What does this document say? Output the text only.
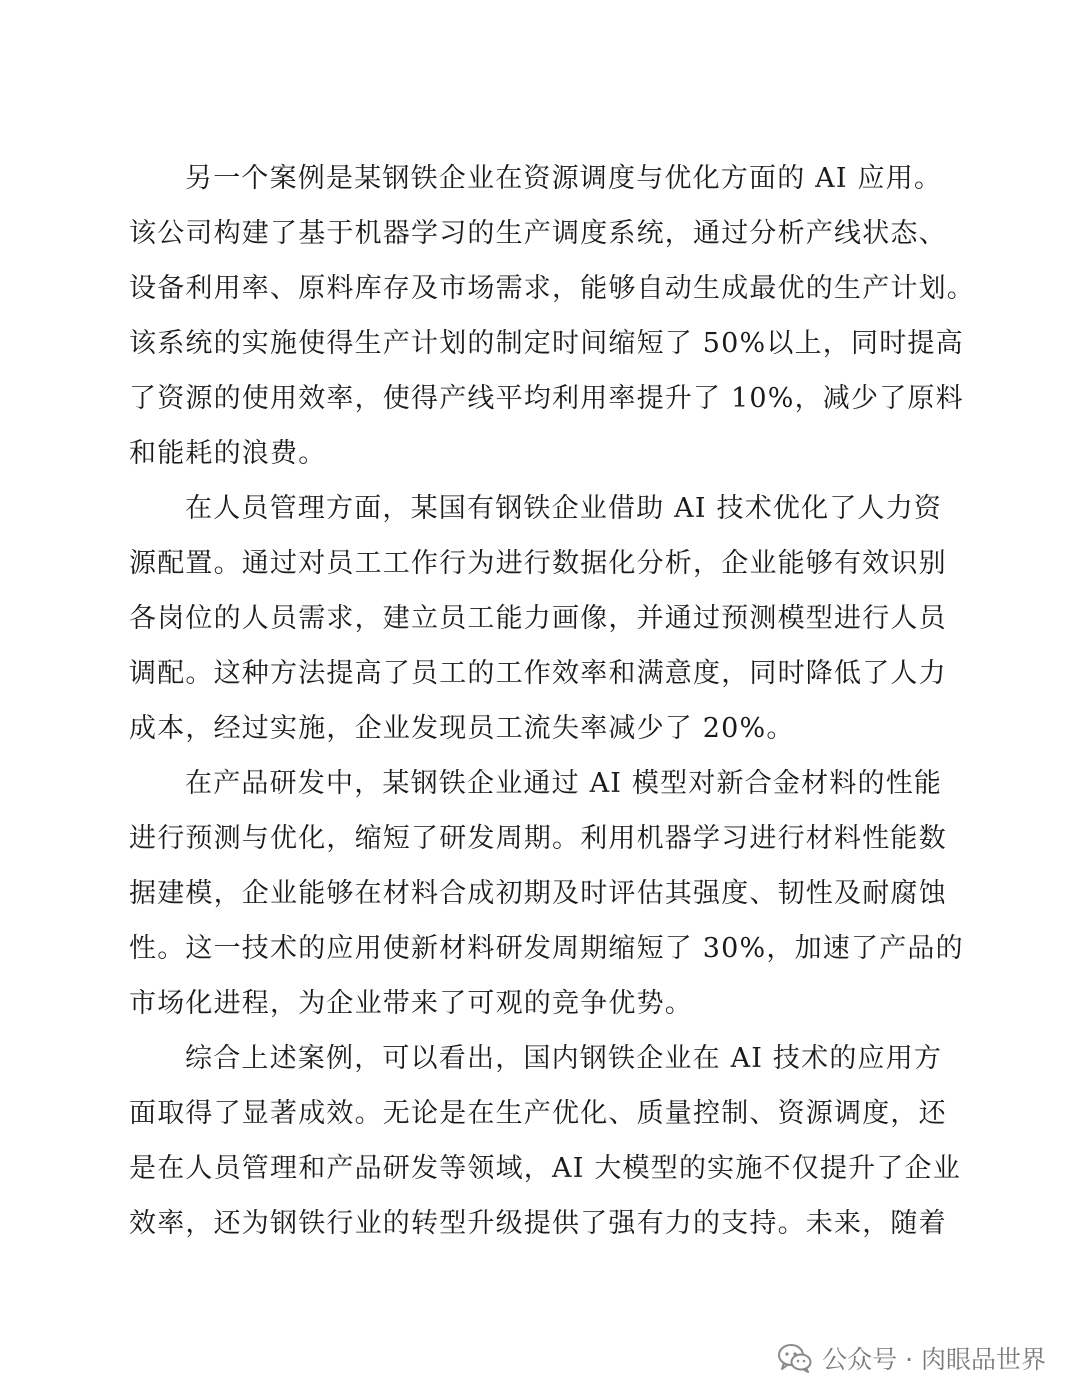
另一个案例是某钢铁企业在资源调度与优化方面的 AI 应用。
该公司构建了基于机器学习的生产调度系统，通过分析产线状态、
设备利用率、原料库存及市场需求，能够自动生成最优的生产计划。
该系统的实施使得生产计划的制定时间缩短了 50%以上，同时提高
了资源的使用效率，使得产线平均利用率提升了 10%，减少了原料
和能耗的浪费。
在人员管理方面，某国有钢铁企业借助 AI 技术优化了人力资
源配置。通过对员工工作行为进行数据化分析，企业能够有效识别
各岗位的人员需求，建立员工能力画像，并通过预测模型进行人员
调配。这种方法提高了员工的工作效率和满意度，同时降低了人力
成本，经过实施，企业发现员工流失率减少了 20%。
在产品研发中，某钢铁企业通过 AI 模型对新合金材料的性能
进行预测与优化，缩短了研发周期。利用机器学习进行材料性能数
据建模，企业能够在材料合成初期及时评估其强度、韧性及耐腐蚀
性。这一技术的应用使新材料研发周期缩短了 30%，加速了产品的
市场化进程，为企业带来了可观的竞争优势。
综合上述案例，可以看出，国内钢铁企业在 AI 技术的应用方
面取得了显著成效。无论是在生产优化、质量控制、资源调度，还
是在人员管理和产品研发等领域，AI 大模型的实施不仅提升了企业
效率，还为钢铁行业的转型升级提供了强有力的支持。未来，随着
公众号 · 肉眼品世界
